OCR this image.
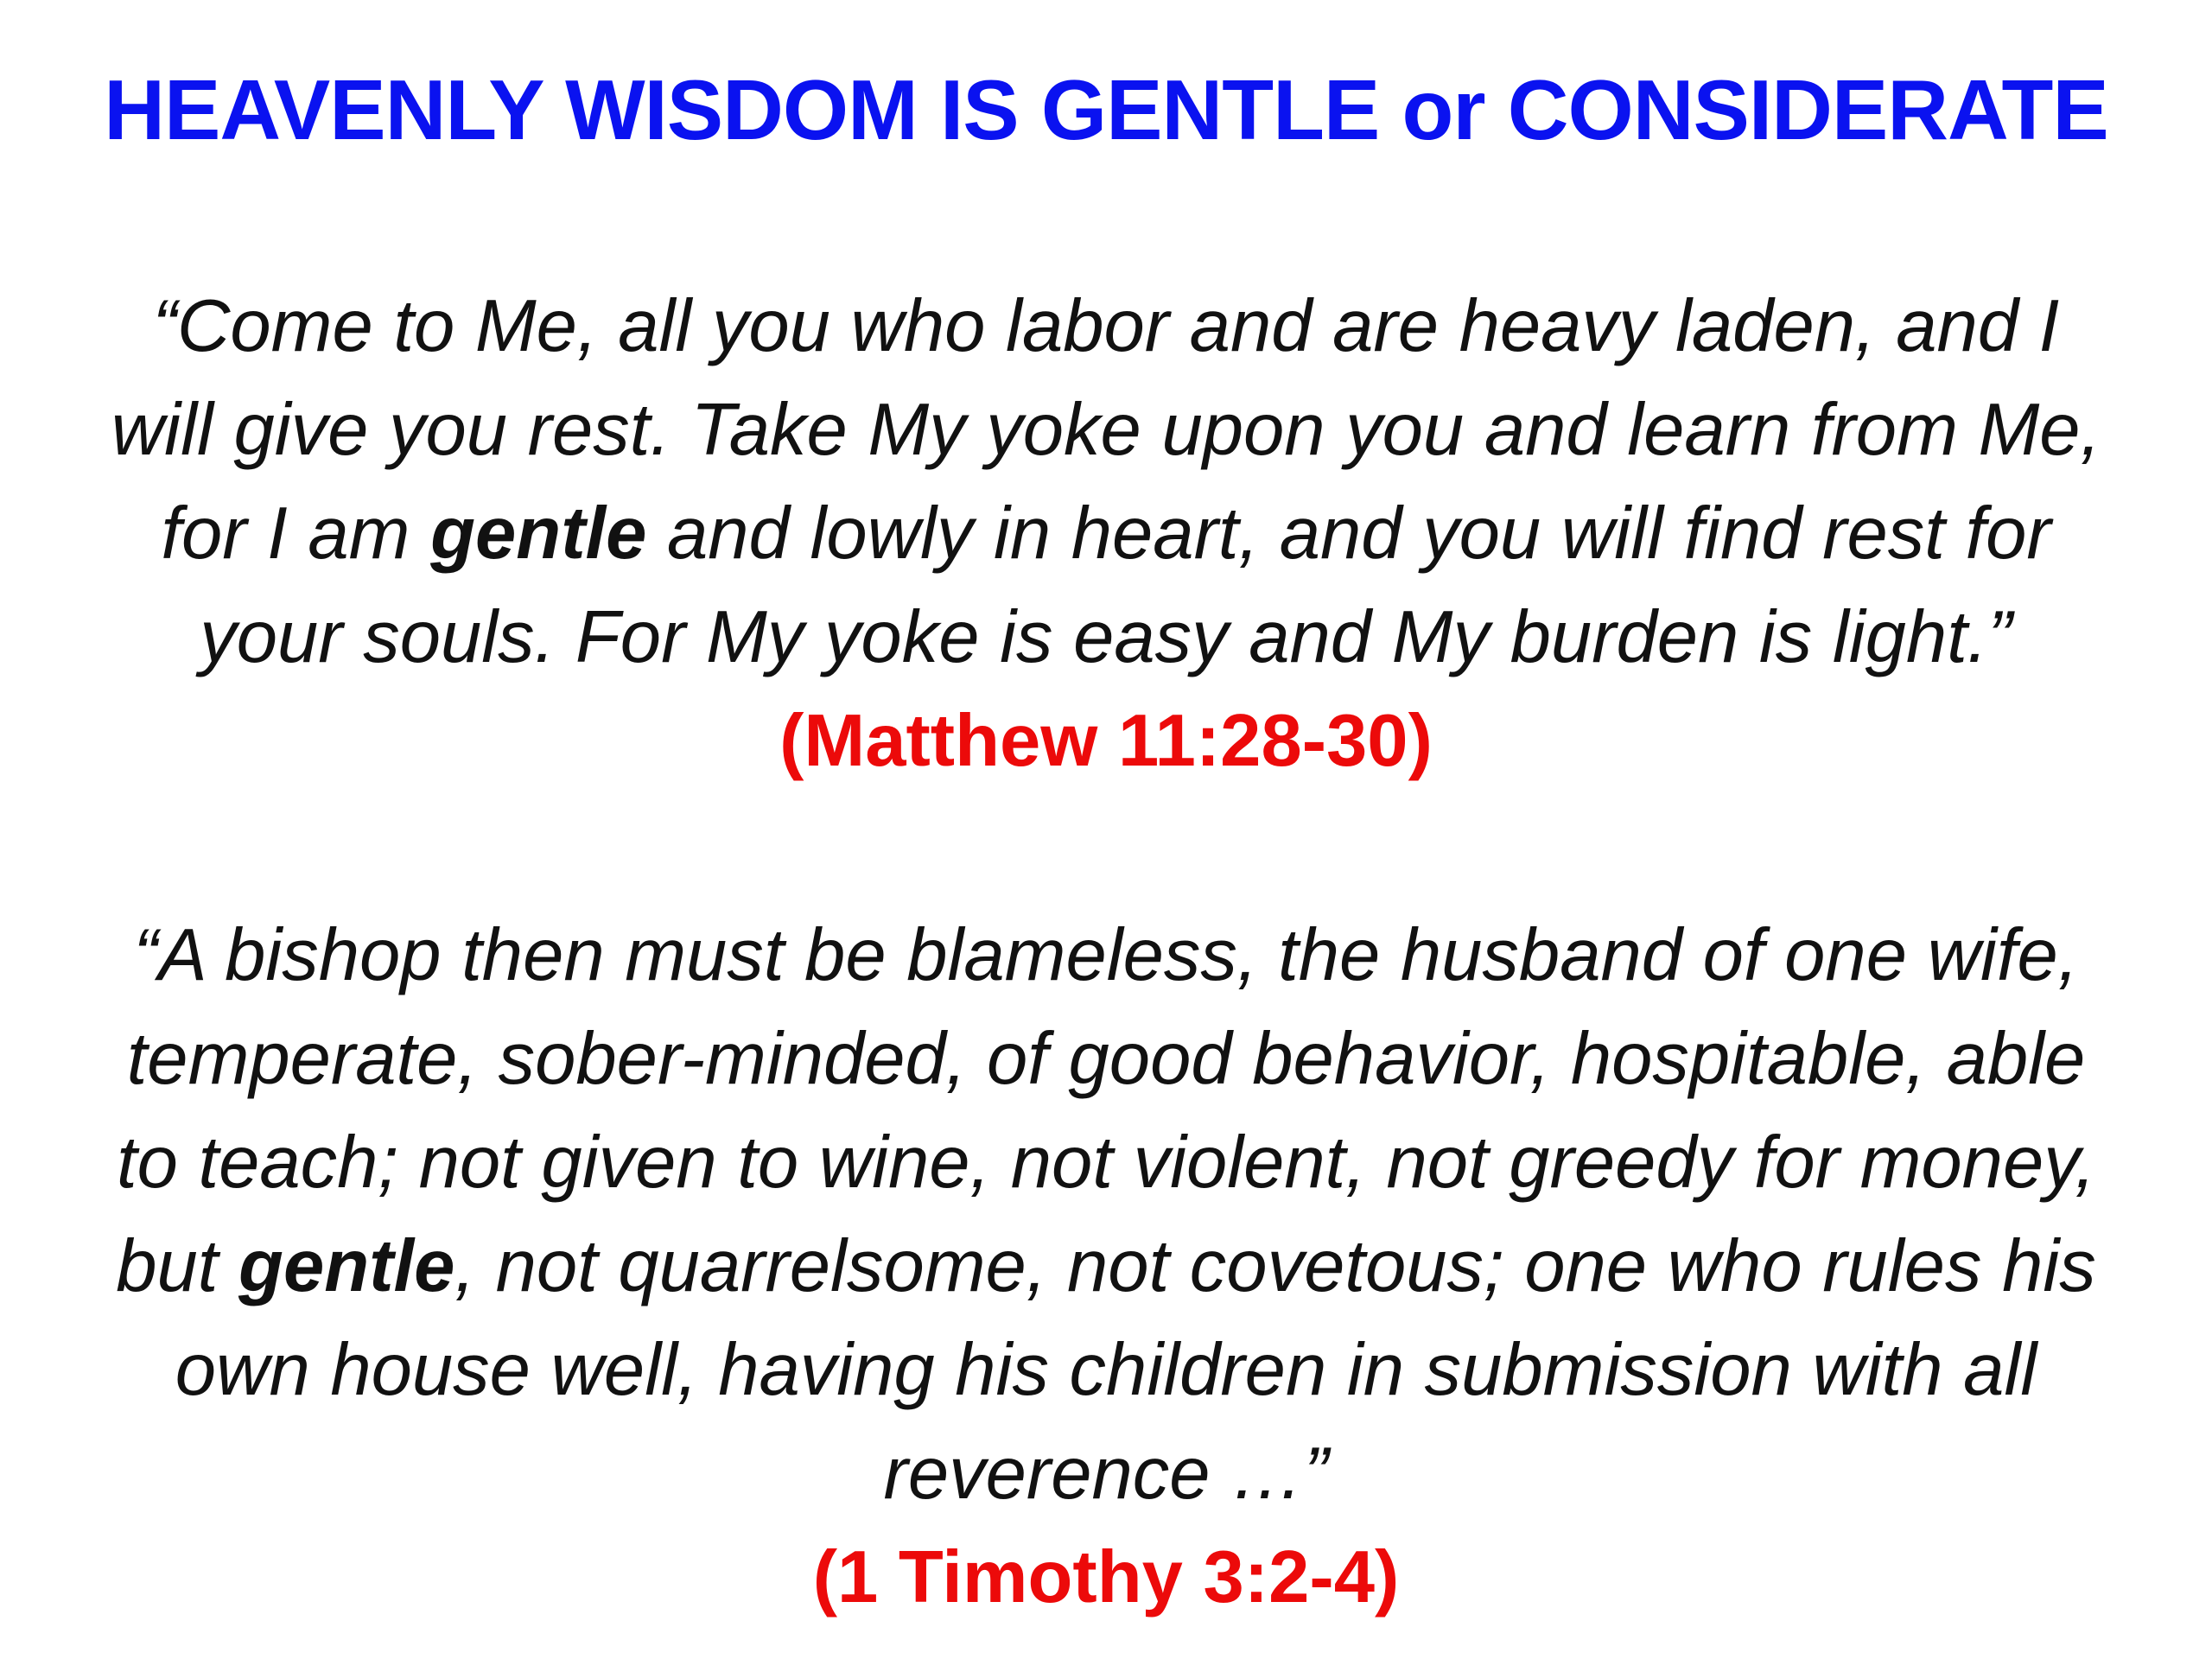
HEAVENLY WISDOM IS GENTLE or CONSIDERATE
“Come to Me, all you who labor and are heavy laden, and I will give you rest. Take My yoke upon you and learn from Me, for I am gentle and lowly in heart, and you will find rest for your souls. For My yoke is easy and My burden is light.” (Matthew 11:28-30)
“A bishop then must be blameless, the husband of one wife, temperate, sober-minded, of good behavior, hospitable, able to teach; not given to wine, not violent, not greedy for money, but gentle, not quarrelsome, not covetous; one who rules his own house well, having his children in submission with all reverence …”
(1 Timothy 3:2-4)
